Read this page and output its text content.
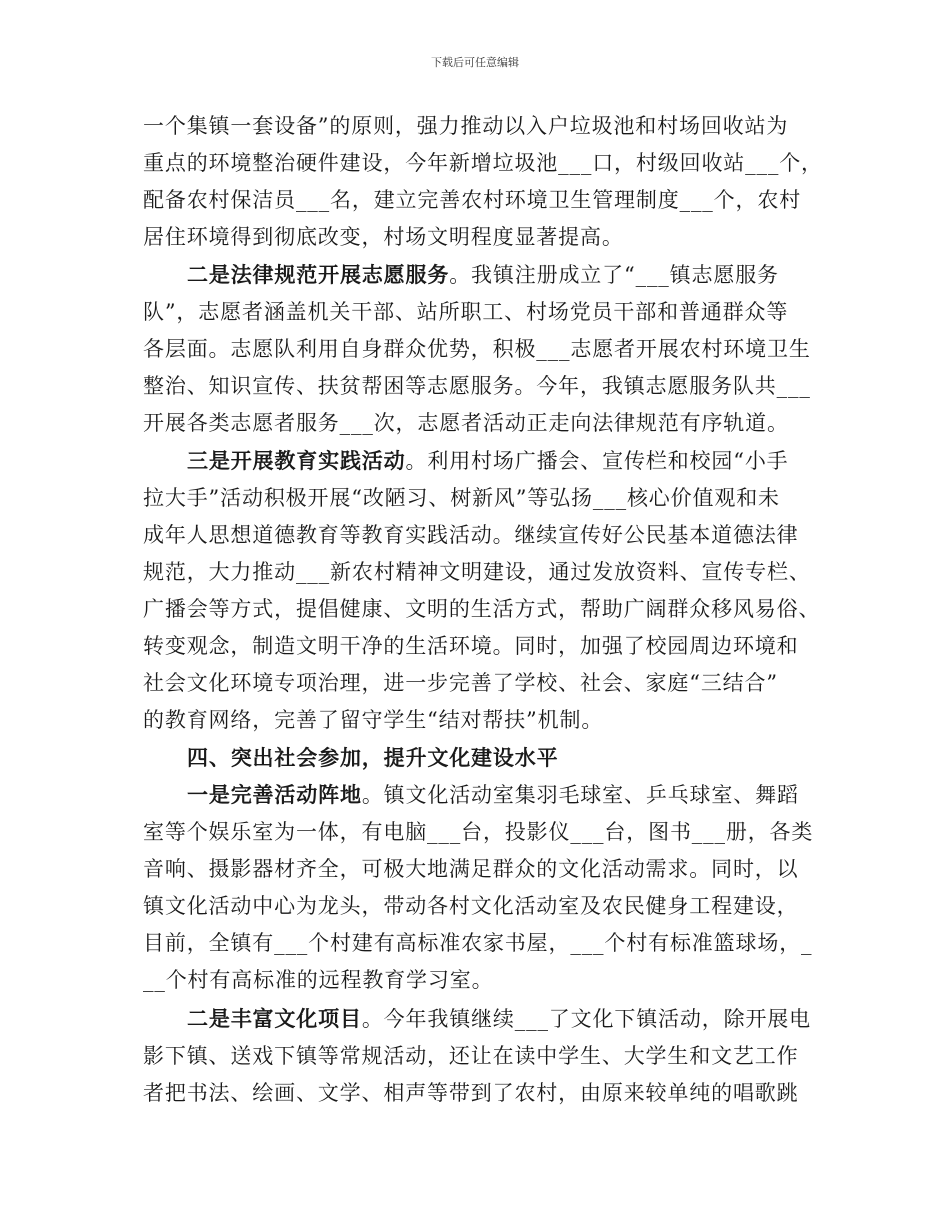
下载后可任意编辑
一个集镇一套设备”的原则，强力推动以入户垃圾池和村场回收站为
重点的环境整治硬件建设，今年新增垃圾池___口，村级回收站___个，
配备农村保洁员___名，建立完善农村环境卫生管理制度___个，农村
居住环境得到彻底改变，村场文明程度显著提高。
二是法律规范开展志愿服务。我镇注册成立了“___镇志愿服务
队”，志愿者涵盖机关干部、站所职工、村场党员干部和普通群众等
各层面。志愿队利用自身群众优势，积极___志愿者开展农村环境卫生
整治、知识宣传、扶贫帮困等志愿服务。今年，我镇志愿服务队共___
开展各类志愿者服务___次，志愿者活动正走向法律规范有序轨道。
三是开展教育实践活动。利用村场广播会、宣传栏和校园“小手
拉大手”活动积极开展“改陋习、树新风”等弘扬___核心价值观和未
成年人思想道德教育等教育实践活动。继续宣传好公民基本道德法律
规范，大力推动___新农村精神文明建设，通过发放资料、宣传专栏、
广播会等方式，提倡健康、文明的生活方式，帮助广阔群众移风易俗、
转变观念，制造文明干净的生活环境。同时，加强了校园周边环境和
社会文化环境专项治理，进一步完善了学校、社会、家庭“三结合”
的教育网络，完善了留守学生“结对帮扶”机制。
四、突出社会参加，提升文化建设水平
一是完善活动阵地。镇文化活动室集羽毛球室、乒乓球室、舞蹈
室等个娱乐室为一体，有电脑___台，投影仪___台，图书___册，各类
音响、摄影器材齐全，可极大地满足群众的文化活动需求。同时，以
镇文化活动中心为龙头，带动各村文化活动室及农民健身工程建设，
目前，全镇有___个村建有高标准农家书屋，___个村有标准篮球场，_
__个村有高标准的远程教育学习室。
二是丰富文化项目。今年我镇继续___了文化下镇活动，除开展电
影下镇、送戏下镇等常规活动，还让在读中学生、大学生和文艺工作
者把书法、绘画、文学、相声等带到了农村，由原来较单纯的唱歌跳
